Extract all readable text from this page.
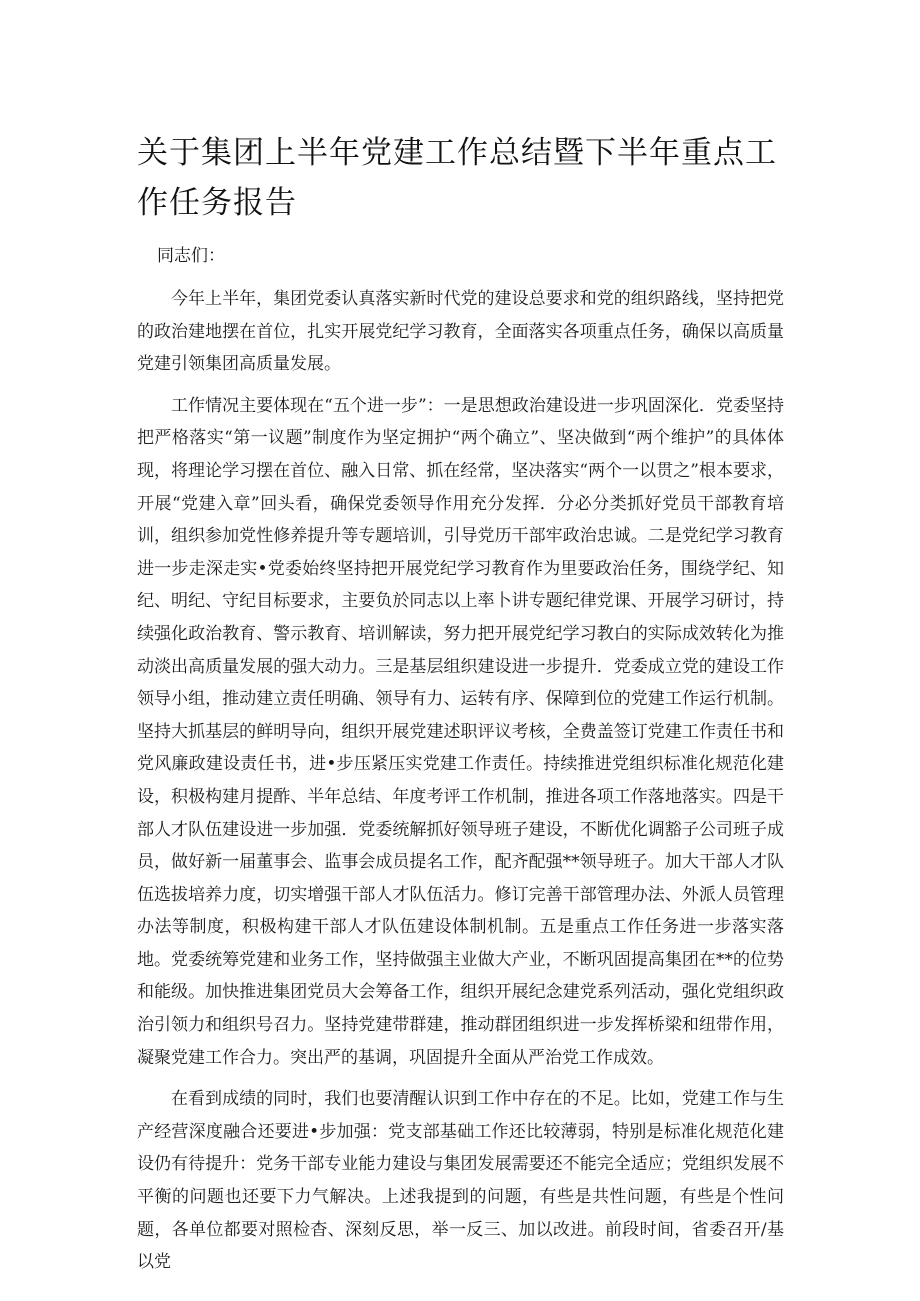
关于集团上半年党建工作总结暨下半年重点工作任务报告

同志们：

今年上半年，集团党委认真落实新时代党的建设总要求和党的组织路线，坚持把党的政治建地摆在首位，扎实开展党纪学习教育，全面落实各项重点任务，确保以高质量党建引领集团高质量发展。

工作情况主要体现在“五个进一步”：一是思想政治建设进一步巩固深化．党委坚持把严格落实“第一议题”制度作为坚定拥护“两个确立”、坚决做到“两个维护”的具体体现，将理论学习摆在首位、融入日常、抓在经常，坚决落实“两个一以贯之”根本要求，开展“党建入章”回头看，确保党委领导作用充分发挥．分必分类抓好党员干部教育培训，组织参加党性修养提升等专题培训，引导党历干部牢政治忠诚。二是党纪学习教育进一步走深走实•党委始终坚持把开展党纪学习教育作为里要政治任务，围绕学纪、知纪、明纪、守纪目标要求，主要负於同志以上率卜讲专题纪律党课、开展学习研讨，持续强化政治教育、警示教育、培训解读，努力把开展党纪学习教白的实际成效转化为推动淡出高质量发展的强大动力。三是基层组织建设进一步提升．党委成立党的建设工作领导小组，推动建立责任明确、领导有力、运转有序、保障到位的党建工作运行机制。坚持大抓基层的鲜明导向，组织开展党建述职评议考核，全费盖签订党建工作责任书和党风廉政建设责任书，进•步压紧压实党建工作责任。持续推进党组织标准化规范化建设，积极构建月提酢、半年总结、年度考评工作机制，推进各项工作落地落实。四是干部人才队伍建设进一步加强．党委统解抓好领导班子建设，不断优化调豁子公司班子成员，做好新一届董事会、监事会成员提名工作，配齐配强**领导班子。加大干部人才队伍选拔培养力度，切实增强干部人才队伍活力。修订完善干部管理办法、外派人员管理办法等制度，积极构建干部人才队伍建设体制机制。五是重点工作任务进一步落实落地。党委统筹党建和业务工作，坚持做强主业做大产业，不断巩固提高集团在**的位势和能级。加快推进集团党员大会筹备工作，组织开展纪念建党系列活动，强化党组织政治引领力和组织号召力。坚持党建带群建，推动群团组织进一步发挥桥梁和纽带作用，凝聚党建工作合力。突出严的基调，巩固提升全面从严治党工作成效。

在看到成绩的同时，我们也要清醒认识到工作中存在的不足。比如，党建工作与生产经营深度融合还要进•步加强：党支部基础工作还比较薄弱，特别是标准化规范化建设仍有待提升：党务干部专业能力建设与集团发展需要还不能完全适应；党组织发展不平衡的问题也还要下力气解决。上述我提到的问题，有些是共性问题，有些是个性问题，各单位都要对照检杳、深刻反思，举一反三、加以改进。前段时间，省委召开/基以党
